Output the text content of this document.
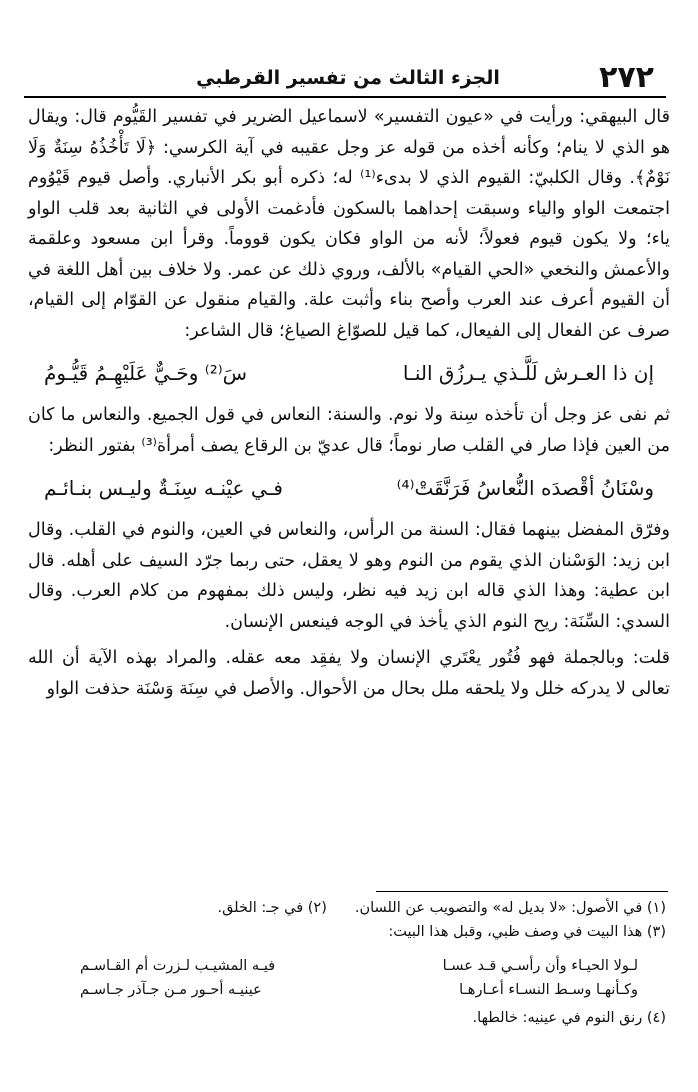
٢٧٢
الجزء الثالث من تفسير القرطبي

قال البيهقي: ورأيت في «عيون التفسير» لاسماعيل الضرير في تفسير القَيُّوم قال: ويقال هو الذي لا ينام؛ وكأنه أخذه من قوله عز وجل عقيبه في آية الكرسي: ﴿لَا تَأْخُذُهُ سِنَةٌ وَلَا نَوْمٌ﴾. وقال الكلبيّ: القيوم الذي لا بدىء⁽¹⁾ له؛ ذكره أبو بكر الأنباري. وأصل قيوم قَيْوُوم اجتمعت الواو والياء وسبقت إحداهما بالسكون فأدغمت الأولى في الثانية بعد قلب الواو ياء؛ ولا يكون قيوم فعولاً؛ لأنه من الواو فكان يكون قووماً. وقرأ ابن مسعود وعلقمة والأعمش والنخعي «الحي القيام» بالألف، وروي ذلك عن عمر. ولا خلاف بين أهل اللغة في أن القيوم أعرف عند العرب وأصح بناء وأثبت علة. والقيام منقول عن القوّام إلى القيام، صرف عن الفعال إلى الفيعال، كما قيل للصوّاغ الصياغ؛ قال الشاعر:

إن ذا العـرش لَلَّـذي يـرزُق النـا
سَ⁽²⁾ وحَـيٌّ عَلَيْهِـمُ قَيُّـومُ

ثم نفى عز وجل أن تأخذه سِنة ولا نوم. والسنة: النعاس في قول الجميع. والنعاس ما كان من العين فإذا صار في القلب صار نوماً؛ قال عديّ بن الرقاع يصف أمرأة⁽³⁾ بفتور النظر:

وسْنَانُ أقْصدَه النُّعاسُ فَرَنَّقَتْ⁽⁴⁾
فـي عيْنـه سِنَـةٌ وليـس بنـائـم

وفرّق المفضل بينهما فقال: السنة من الرأس، والنعاس في العين، والنوم في القلب. وقال ابن زيد: الوَسْنان الذي يقوم من النوم وهو لا يعقل، حتى ربما جرّد السيف على أهله. قال ابن عطية: وهذا الذي قاله ابن زيد فيه نظر، وليس ذلك بمفهوم من كلام العرب. وقال السدي: السِّنَة: ريح النوم الذي يأخذ في الوجه فينعس الإنسان.

قلت: وبالجملة فهو فُتُور يعْتَري الإنسان ولا يفقِد معه عقله. والمراد بهذه الآية أن الله تعالى لا يدركه خلل ولا يلحقه ملل بحال من الأحوال. والأصل في سِنَة وَسْنَة حذفت الواو

(١) في الأصول: «لا بديل له» والتصويب عن اللسان.
(٢) في جـ: الخلق.
(٣) هذا البيت في وصف ظبي، وقبل هذا البيت:
لـولا الحيـاء وأن رأسـي قـد عسـا
فيـه المشيـب لـزرت أم القـاسـم
وكـأنهـا وسـط النسـاء أعـارهـا
عينيـه أحـور مـن جـآذر جـاسـم
(٤) رنق النوم في عينيه: خالطها.
